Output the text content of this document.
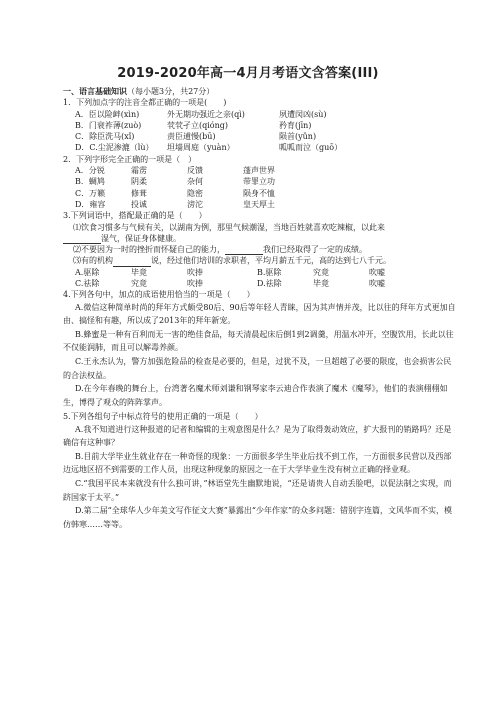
2019-2020年高一4月月考语文含答案(III)
一、语言基础知识（每小题3分，共27分）
1．下列加点字的注音全都正确的一项是(　　)
A．臣以险衅(xìn)	外无期功强近之亲(qì)	夙遭闵凶(sù)
B．门衰祚薄(zuò)	茕茕孑立(qióng)	矜育(jīn)
C．除臣洗马(xǐ)	责臣逋慢(bū)	陨首(yǔn)
D．C.尘泥渗漉（lù）	坦墙周庭（yuàn）	呱呱而泣（guō）
2．下列字形完全正确的一项是（　）
A．分锐	霜雳	反馈	蓬声世界
B．蜩鸠	阴柔	杂何	带罪立功
C．万籁	修葺	隐密	陨身不恤
D．雍容	投诚	滂沱	皇天厚土
3.下列词语中，搭配最正确的是（　　）
⑴饮食习惯多与气候有关，以湖南为例，那里气候潮湿，当地百姓就喜欢吃辣椒，以此来
湿气，保证身体健康。
⑵不要因为一时的挫折而怀疑自己的能力，	我们已经取得了一定的成绩。
⑶有的机构	说，经过他们培训的求职者，平均月薪五千元，高的达到七八千元。
A.驱除	毕竟	吹捧	B.驱除	究竟	吹嘘
C.祛除	究竟	吹捧	D.祛除	毕竟	吹嘘
4.下列各句中，加点的成语使用恰当的一项是（　　）
A.微信这种简单时尚的拜年方式颇受80后、90后等年轻人青睐，因为其声情并茂，比以往的拜年方式更加自由、搞怪和有趣，所以成了2013年的拜年新宠。
B.蜂蜜是一种有百利而无一害的绝佳食品，每天清晨起床后倒1到2调羹，用温水冲开，空腹饮用，长此以往不仅能润肺，而且可以解毒养颜。
C.王永杰认为，警方加强危险品的检查是必要的，但是，过犹不及，一旦超越了必要的限度，也会损害公民的合法权益。
D.在今年春晚的舞台上，台湾著名魔术师刘谦和钢琴家李云迪合作表演了魔术《魔琴》，他们的表演栩栩如生，博得了观众的阵阵掌声。
5.下列各组句子中标点符号的使用正确的一项是（　　）
A.我不知道进行这种报道的记者和编辑的主观意图是什么？是为了取得轰动效应，扩大报刊的销路吗？还是确信有这种事？
B.目前大学毕业生就业存在一种奇怪的现象：一方面很多学生毕业后找不到工作，一方面很多民营以及西部边远地区招不到需要的工作人员，出现这种现象的原因之一在于大学毕业生没有树立正确的择业观。
C.“我国平民本来就没有什么独可讲，”林语堂先生幽默地说，“还是请贵人自动丢脸吧，以促法制之实现，而跻国家于太平。”
D.第二届“全球华人少年美文写作征文大赛”暴露出“少年作家”的众多问题：错别字连篇，文风华而不实，模仿韩寒……等等。
